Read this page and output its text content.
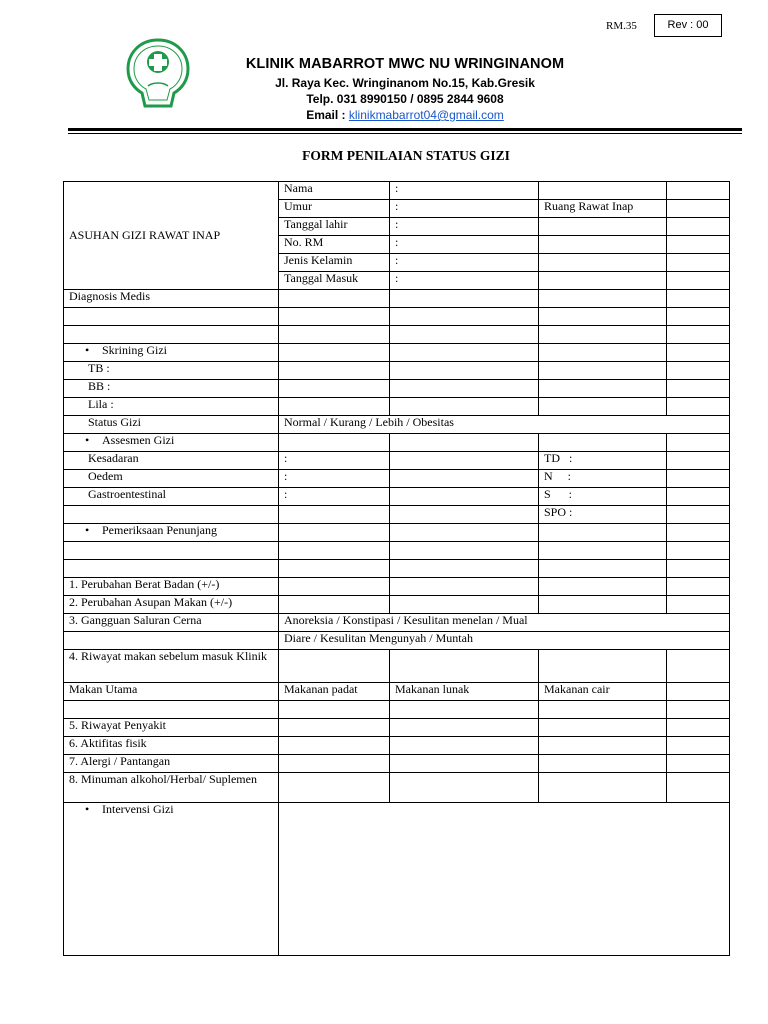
RM.35	Rev : 00
KLINIK MABARROT MWC NU WRINGINANOM
Jl. Raya Kec. Wringinanom No.15, Kab.Gresik
Telp. 031 8990150 / 0895 2844 9608
Email : klinikmabarrot04@gmail.com
FORM PENILAIAN STATUS GIZI
ASUHAN GIZI RAWAT INAP	Nama	:		
	Umur	:	Ruang Rawat Inap	
	Tanggal lahir	:		
	No. RM	:		
	Jenis Kelamin	:		
	Tanggal Masuk	:		
Diagnosis Medis				

• Skrining Gizi				
TB :				
BB :				
Lila :				
Status Gizi	Normal / Kurang / Lebih / Obesitas			
• Assesmen Gizi				
Kesadaran	:		TD   :	
Oedem	:		N     :	
Gastroentestinal	:		S      :	
			SPO :	
• Pemeriksaan Penunjang				

1. Perubahan Berat Badan (+/-)				
2. Perubahan Asupan Makan (+/-)				
3. Gangguan Saluran Cerna	Anoreksia / Konstipasi / Kesulitan menelan / Mual			
	Diare / Kesulitan Mengunyah / Muntah			
4. Riwayat makan sebelum masuk Klinik				
Makan Utama	Makanan padat	Makanan lunak	Makanan cair	

5. Riwayat Penyakit				
6. Aktifitas fisik				
7. Alergi / Pantangan				
8. Minuman alkohol/Herbal/ Suplemen				
• Intervensi Gizi				
